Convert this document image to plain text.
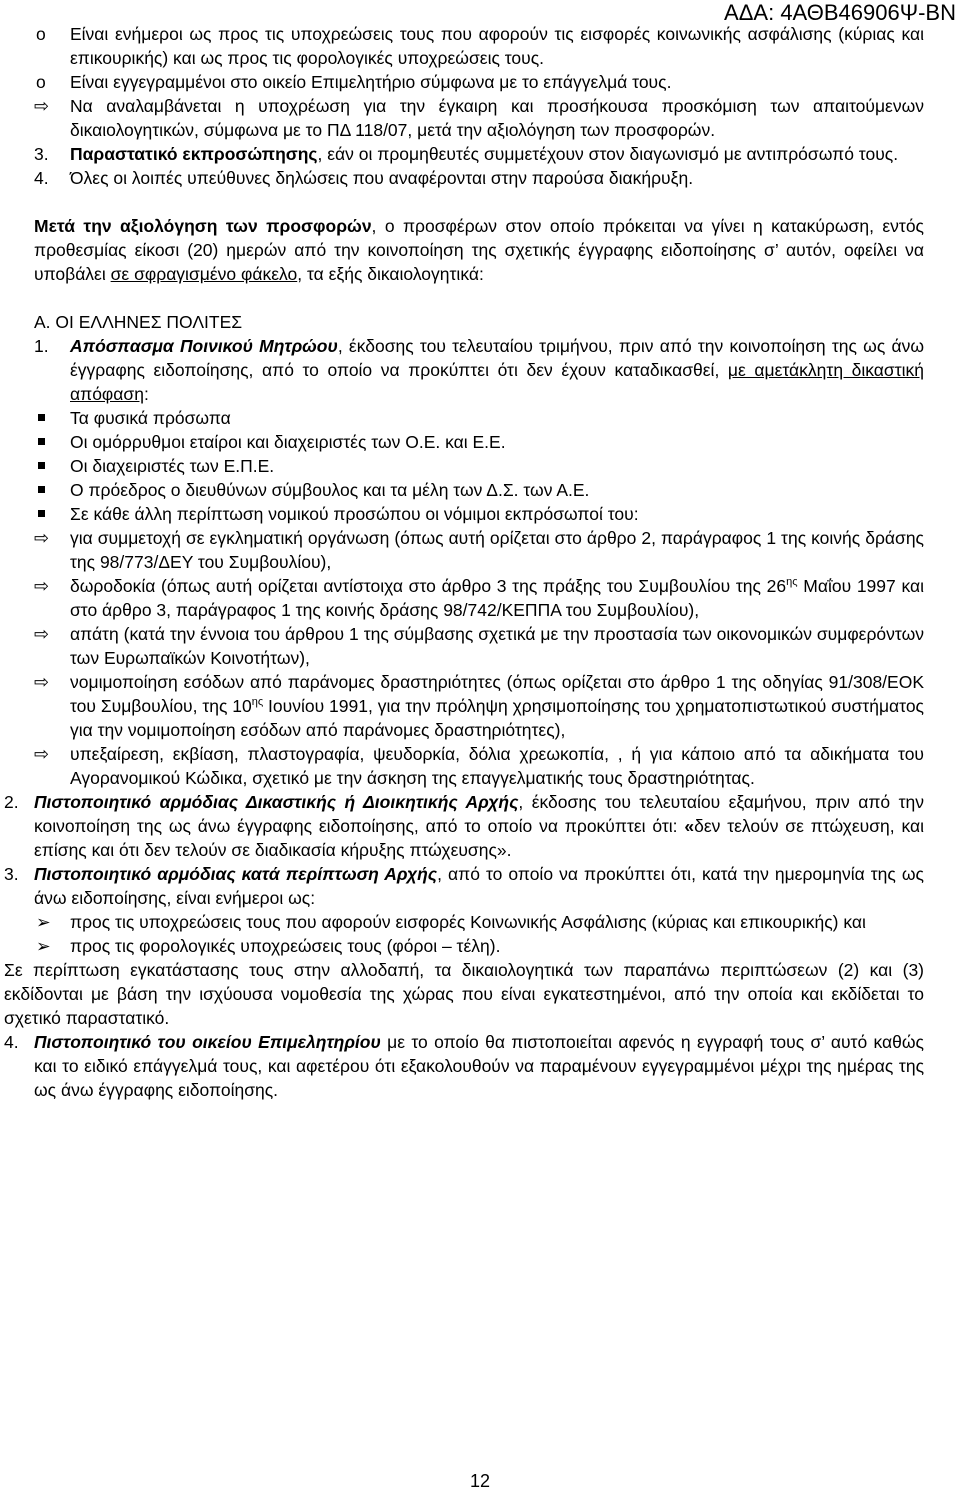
ΑΔΑ: 4ΑΘΒ46906Ψ-ΒΝ
o Είναι ενήμεροι ως προς τις υποχρεώσεις τους που αφορούν τις εισφορές κοινωνικής ασφάλισης (κύριας και επικουρικής) και ως προς τις φορολογικές υποχρεώσεις τους.
o Είναι εγγεγραμμένοι στο οικείο Επιμελητήριο σύμφωνα με το επάγγελμά τους.
⇨ Να αναλαμβάνεται η υποχρέωση για την έγκαιρη και προσήκουσα προσκόμιση των απαιτούμενων δικαιολογητικών, σύμφωνα με το ΠΔ 118/07, μετά την αξιολόγηση των προσφορών.
3. Παραστατικό εκπροσώπησης, εάν οι προμηθευτές συμμετέχουν στον διαγωνισμό με αντιπρόσωπό τους.
4. Όλες οι λοιπές υπεύθυνες δηλώσεις που αναφέρονται στην παρούσα διακήρυξη.
Μετά την αξιολόγηση των προσφορών, ο προσφέρων στον οποίο πρόκειται να γίνει η κατακύρωση, εντός προθεσμίας είκοσι (20) ημερών από την κοινοποίηση της σχετικής έγγραφης ειδοποίησης σ’ αυτόν, οφείλει να υποβάλει σε σφραγισμένο φάκελο, τα εξής δικαιολογητικά:
Α. ΟΙ ΕΛΛΗΝΕΣ ΠΟΛΙΤΕΣ
1. Απόσπασμα Ποινικού Μητρώου, έκδοσης του τελευταίου τριμήνου, πριν από την κοινοποίηση της ως άνω έγγραφης ειδοποίησης, από το οποίο να προκύπτει ότι δεν έχουν καταδικασθεί, με αμετάκλητη δικαστική απόφαση:
Τα φυσικά πρόσωπα
Οι ομόρρυθμοι εταίροι και διαχειριστές των Ο.Ε. και Ε.Ε.
Οι διαχειριστές των Ε.Π.Ε.
Ο πρόεδρος ο διευθύνων σύμβουλος και τα μέλη των Δ.Σ. των Α.Ε.
Σε κάθε άλλη περίπτωση νομικού προσώπου οι νόμιμοι εκπρόσωποί του:
⇨ για συμμετοχή σε εγκληματική οργάνωση (όπως αυτή ορίζεται στο άρθρο 2, παράγραφος 1 της κοινής δράσης της 98/773/ΔΕΥ του Συμβουλίου),
⇨ δωροδοκία (όπως αυτή ορίζεται αντίστοιχα στο άρθρο 3 της πράξης του Συμβουλίου της $26^{\eta\varsigma}$ Μαΐου 1997 και στο άρθρο 3, παράγραφος 1 της κοινής δράσης 98/742/ΚΕΠΠΑ του Συμβουλίου),
⇨ απάτη (κατά την έννοια του άρθρου 1 της σύμβασης σχετικά με την προστασία των οικονομικών συμφερόντων των Ευρωπαϊκών Κοινοτήτων),
⇨ νομιμοποίηση εσόδων από παράνομες δραστηριότητες (όπως ορίζεται στο άρθρο 1 της οδηγίας 91/308/ΕΟΚ του Συμβουλίου, της $10^{\eta\varsigma}$ Ιουνίου 1991, για την πρόληψη χρησιμοποίησης του χρηματοπιστωτικού συστήματος για την νομιμοποίηση εσόδων από παράνομες δραστηριότητες),
⇨ υπεξαίρεση, εκβίαση, πλαστογραφία, ψευδορκία, δόλια χρεωκοπία, , ή για κάποιο από τα αδικήματα του Αγορανομικού Κώδικα, σχετικό με την άσκηση της επαγγελματικής τους δραστηριότητας.
2. Πιστοποιητικό αρμόδιας Δικαστικής ή Διοικητικής Αρχής, έκδοσης του τελευταίου εξαμήνου, πριν από την κοινοποίηση της ως άνω έγγραφης ειδοποίησης, από το οποίο να προκύπτει ότι: «δεν τελούν σε πτώχευση, και επίσης και ότι δεν τελούν σε διαδικασία κήρυξης πτώχευσης».
3. Πιστοποιητικό αρμόδιας κατά περίπτωση Αρχής, από το οποίο να προκύπτει ότι, κατά την ημερομηνία της ως άνω ειδοποίησης, είναι ενήμεροι ως:
➢ προς τις υποχρεώσεις τους που αφορούν εισφορές Κοινωνικής Ασφάλισης (κύριας και επικουρικής) και
➢ προς τις φορολογικές υποχρεώσεις τους (φόροι – τέλη).
Σε περίπτωση εγκατάστασης τους στην αλλοδαπή, τα δικαιολογητικά των παραπάνω περιπτώσεων (2) και (3) εκδίδονται με βάση την ισχύουσα νομοθεσία της χώρας που είναι εγκατεστημένοι, από την οποία και εκδίδεται το σχετικό παραστατικό.
4. Πιστοποιητικό του οικείου Επιμελητηρίου με το οποίο θα πιστοποιείται αφενός η εγγραφή τους σ’ αυτό καθώς και το ειδικό επάγγελμά τους, και αφετέρου ότι εξακολουθούν να παραμένουν εγγεγραμμένοι μέχρι της ημέρας της ως άνω έγγραφης ειδοποίησης.
12
